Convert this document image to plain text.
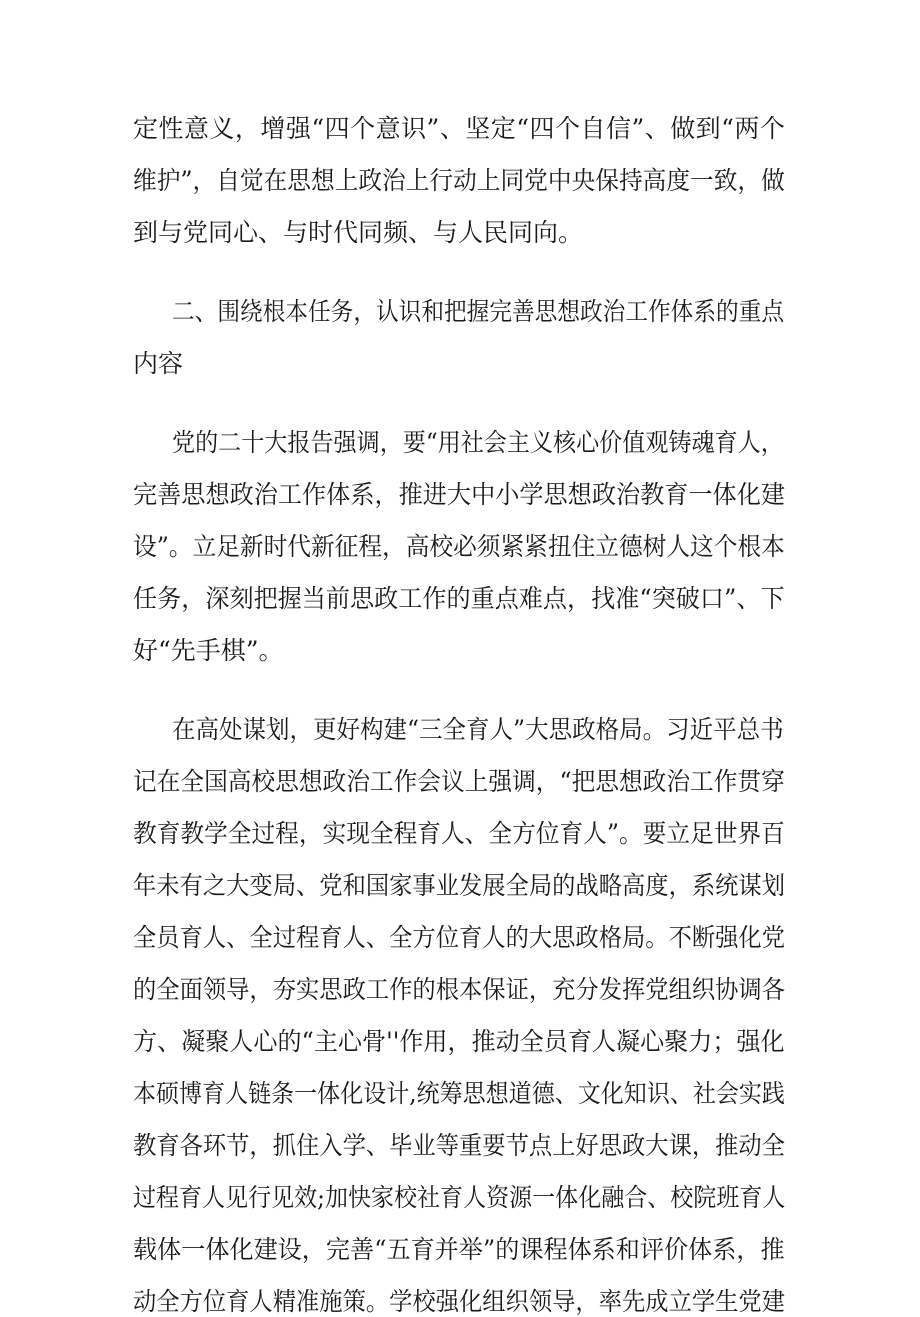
定性意义，增强“四个意识”、坚定“四个自信”、做到“两个
维护”，自觉在思想上政治上行动上同党中央保持高度一致，做
到与党同心、与时代同频、与人民同向。
二、围绕根本任务，认识和把握完善思想政治工作体系的重点
内容
党的二十大报告强调，要“用社会主义核心价值观铸魂育人，
完善思想政治工作体系，推进大中小学思想政治教育一体化建
设”。立足新时代新征程，高校必须紧紧扭住立德树人这个根本
任务，深刻把握当前思政工作的重点难点，找准“突破口”、下
好“先手棋”。
在高处谋划，更好构建“三全育人”大思政格局。习近平总书
记在全国高校思想政治工作会议上强调，“把思想政治工作贯穿
教育教学全过程，实现全程育人、全方位育人”。要立足世界百
年未有之大变局、党和国家事业发展全局的战略高度，系统谋划
全员育人、全过程育人、全方位育人的大思政格局。不断强化党
的全面领导，夯实思政工作的根本保证，充分发挥党组织协调各
方、凝聚人心的“主心骨''作用，推动全员育人凝心聚力；强化
本硕博育人链条一体化设计,统筹思想道德、文化知识、社会实践
教育各环节，抓住入学、毕业等重要节点上好思政大课，推动全
过程育人见行见效;加快家校社育人资源一体化融合、校院班育人
载体一体化建设，完善“五育并举”的课程体系和评价体系，推
动全方位育人精准施策。学校强化组织领导，率先成立学生党建
